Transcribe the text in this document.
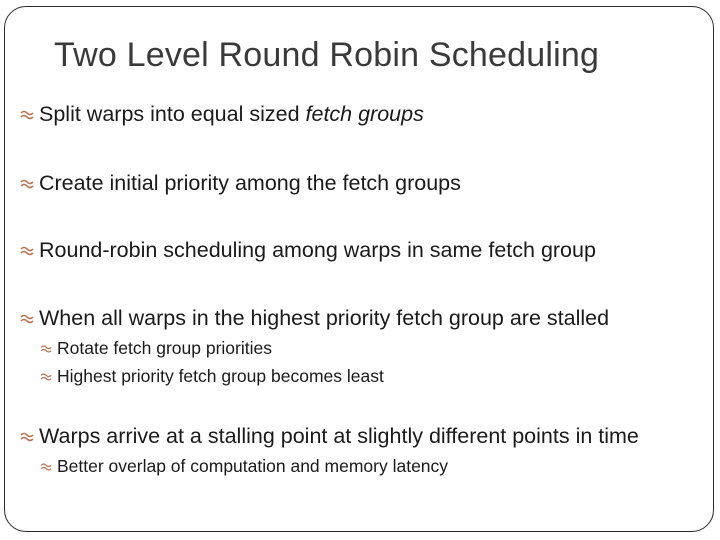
Two Level Round Robin Scheduling
Split warps into equal sized fetch groups
Create initial priority among the fetch groups
Round-robin scheduling among warps in same fetch group
When all warps in the highest priority fetch group are stalled
Rotate fetch group priorities
Highest priority fetch group becomes least
Warps arrive at a stalling point at slightly different points in time
Better overlap of computation and memory latency
